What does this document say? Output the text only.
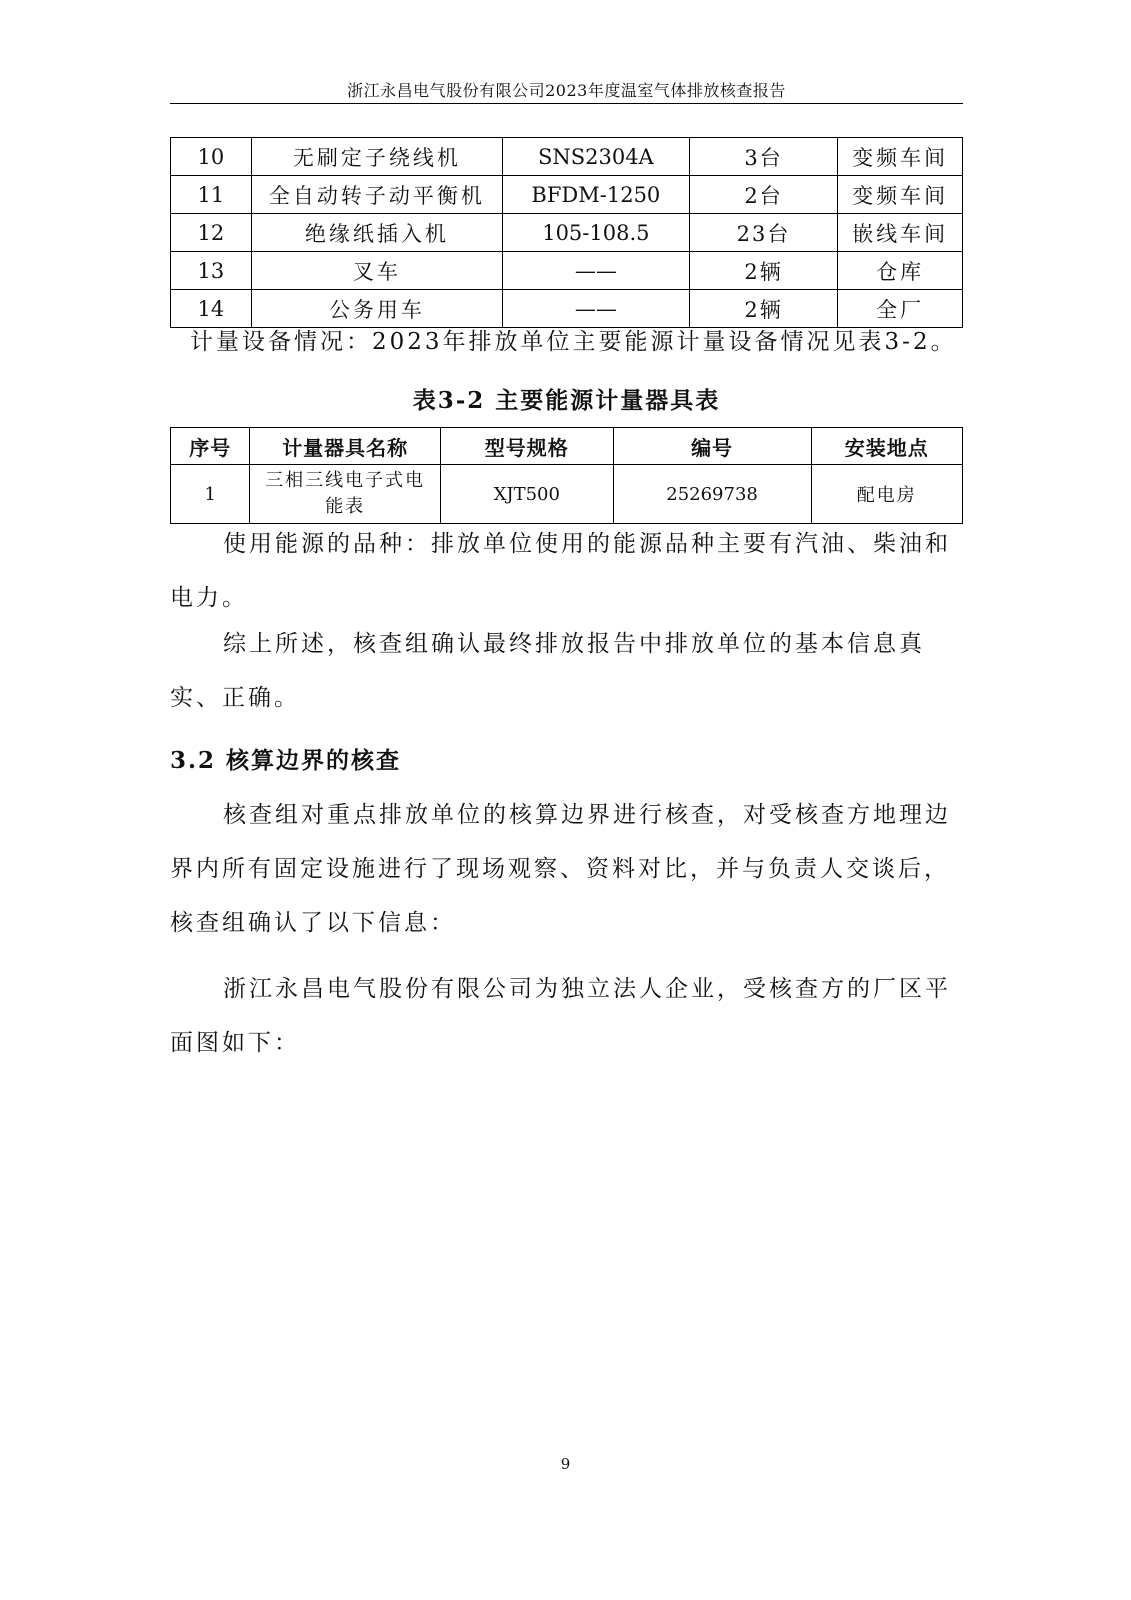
浙江永昌电气股份有限公司2023年度温室气体排放核查报告
10	无刷定子绕线机	SNS2304A	3台	变频车间
11	全自动转子动平衡机	BFDM-1250	2台	变频车间
12	绝缘纸插入机	105-108.5	23台	嵌线车间
13	叉车	——	2辆	仓库
14	公务用车	——	2辆	全厂

计量设备情况：2023年排放单位主要能源计量设备情况见表3-2。

表3-2 主要能源计量器具表
序号	计量器具名称	型号规格	编号	安装地点
1	三相三线电子式电能表	XJT500	25269738	配电房

使用能源的品种：排放单位使用的能源品种主要有汽油、柴油和电力。

综上所述，核查组确认最终排放报告中排放单位的基本信息真实、正确。

3.2 核算边界的核查

核查组对重点排放单位的核算边界进行核查，对受核查方地理边界内所有固定设施进行了现场观察、资料对比，并与负责人交谈后，核查组确认了以下信息：

浙江永昌电气股份有限公司为独立法人企业，受核查方的厂区平面图如下：

9
